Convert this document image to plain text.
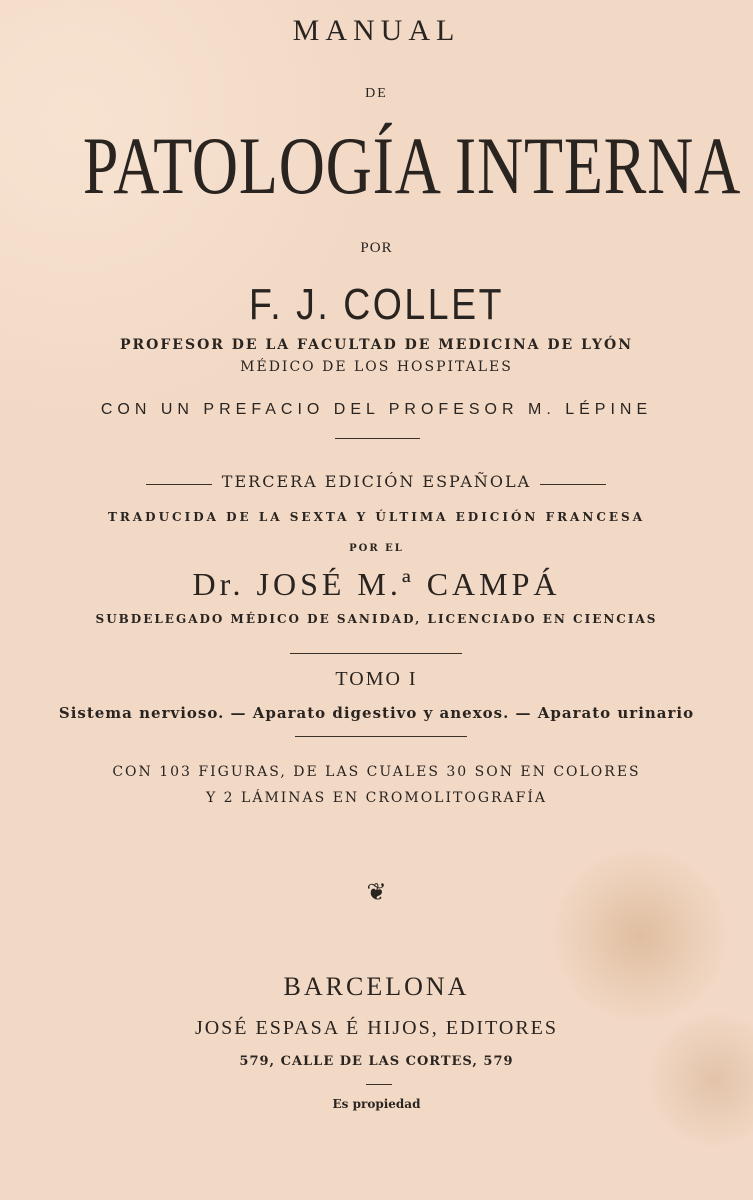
MANUAL
DE
PATOLOGÍA INTERNA
POR
F. J. COLLET
PROFESOR DE LA FACULTAD DE MEDICINA DE LYÓN
MÉDICO DE LOS HOSPITALES
CON UN PREFACIO DEL PROFESOR M. LÉPINE
TERCERA EDICIÓN ESPAÑOLA
TRADUCIDA DE LA SEXTA Y ÚLTIMA EDICIÓN FRANCESA
POR EL
Dr. JOSÉ M.ª CAMPÁ
SUBDELEGADO MÉDICO DE SANIDAD, LICENCIADO EN CIENCIAS
TOMO I
Sistema nervioso. — Aparato digestivo y anexos. — Aparato urinario
CON 103 FIGURAS, DE LAS CUALES 30 SON EN COLORES
Y 2 LÁMINAS EN CROMOLITOGRAFÍA
❦
BARCELONA
JOSÉ ESPASA É HIJOS, EDITORES
579, CALLE DE LAS CORTES, 579
Es propiedad
